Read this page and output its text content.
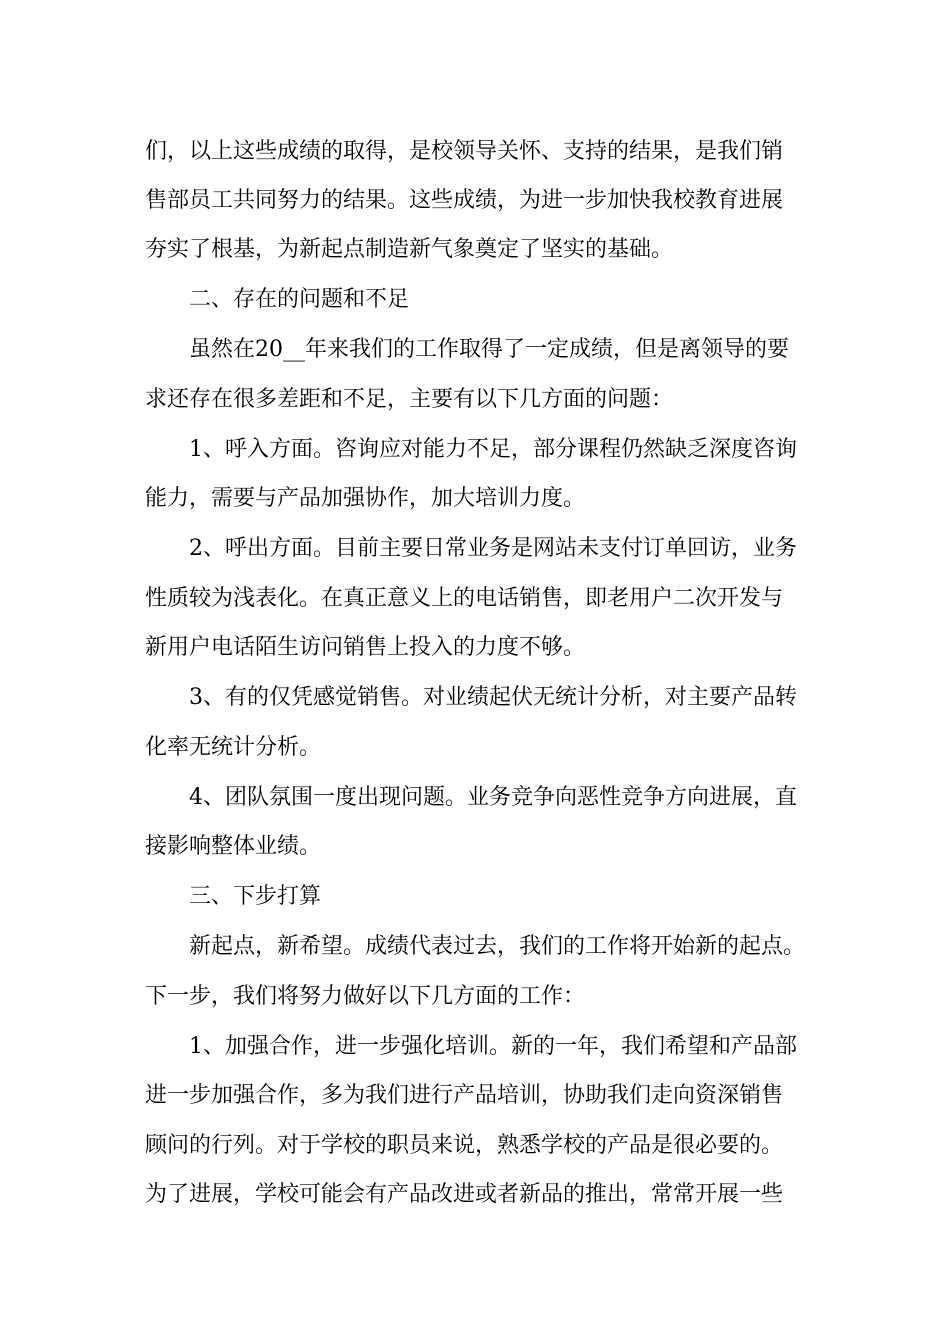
们，以上这些成绩的取得，是校领导关怀、支持的结果，是我们销
售部员工共同努力的结果。这些成绩，为进一步加快我校教育进展
夯实了根基，为新起点制造新气象奠定了坚实的基础。
二、存在的问题和不足
虽然在20__年来我们的工作取得了一定成绩，但是离领导的要
求还存在很多差距和不足，主要有以下几方面的问题：
1、呼入方面。咨询应对能力不足，部分课程仍然缺乏深度咨询
能力，需要与产品加强协作，加大培训力度。
2、呼出方面。目前主要日常业务是网站未支付订单回访，业务
性质较为浅表化。在真正意义上的电话销售，即老用户二次开发与
新用户电话陌生访问销售上投入的力度不够。
3、有的仅凭感觉销售。对业绩起伏无统计分析，对主要产品转
化率无统计分析。
4、团队氛围一度出现问题。业务竞争向恶性竞争方向进展，直
接影响整体业绩。
三、下步打算
新起点，新希望。成绩代表过去，我们的工作将开始新的起点。
下一步，我们将努力做好以下几方面的工作：
1、加强合作，进一步强化培训。新的一年，我们希望和产品部
进一步加强合作，多为我们进行产品培训，协助我们走向资深销售
顾问的行列。对于学校的职员来说，熟悉学校的产品是很必要的。
为了进展，学校可能会有产品改进或者新品的推出，常常开展一些
